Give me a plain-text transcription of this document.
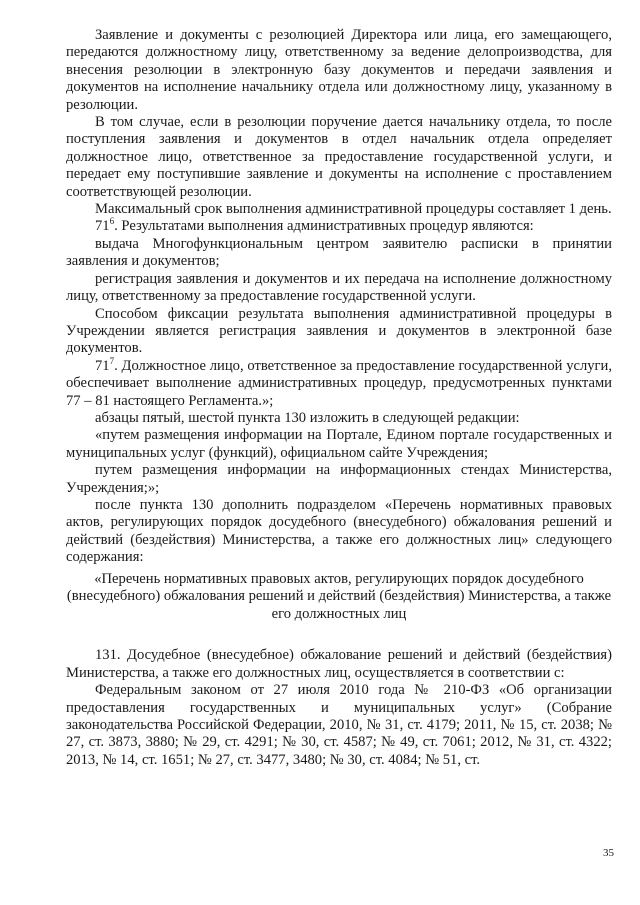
Заявление и документы с резолюцией Директора или лица, его замещающего, передаются должностному лицу, ответственному за ведение делопроизводства, для внесения резолюции в электронную базу документов и передачи заявления и документов на исполнение начальнику отдела или должностному лицу, указанному в резолюции.

В том случае, если в резолюции поручение дается начальнику отдела, то после поступления заявления и документов в отдел начальник отдела определяет должностное лицо, ответственное за предоставление государственной услуги, и передает ему поступившие заявление и документы на исполнение с проставлением соответствующей резолюции.

Максимальный срок выполнения административной процедуры составляет 1 день.

$71^6$. Результатами выполнения административных процедур являются:

выдача Многофункциональным центром заявителю расписки в принятии заявления и документов;

регистрация заявления и документов и их передача на исполнение должностному лицу, ответственному за предоставление государственной услуги.

Способом фиксации результата выполнения административной процедуры в Учреждении является регистрация заявления и документов в электронной базе документов.

$71^7$. Должностное лицо, ответственное за предоставление государственной услуги, обеспечивает выполнение административных процедур, предусмотренных пунктами 77 – 81 настоящего Регламента.»;

абзацы пятый, шестой пункта 130 изложить в следующей редакции:

«путем размещения информации на Портале, Едином портале государственных и муниципальных услуг (функций), официальном сайте Учреждения;

путем размещения информации на информационных стендах Министерства, Учреждения;»;

после пункта 130 дополнить подразделом «Перечень нормативных правовых актов, регулирующих порядок досудебного (внесудебного) обжалования решений и действий (бездействия) Министерства, а также его должностных лиц» следующего содержания:

«Перечень нормативных правовых актов, регулирующих порядок досудебного (внесудебного) обжалования решений и действий (бездействия) Министерства, а также его должностных лиц

131. Досудебное (внесудебное) обжалование решений и действий (бездействия) Министерства, а также его должностных лиц, осуществляется в соответствии с:

Федеральным законом от 27 июля 2010 года № 210-ФЗ «Об организации предоставления государственных и муниципальных услуг» (Собрание законодательства Российской Федерации, 2010, № 31, ст. 4179; 2011, № 15, ст. 2038; № 27, ст. 3873, 3880; № 29, ст. 4291; № 30, ст. 4587; № 49, ст. 7061; 2012, № 31, ст. 4322; 2013, № 14, ст. 1651; № 27, ст. 3477, 3480; № 30, ст. 4084; № 51, ст.

35
